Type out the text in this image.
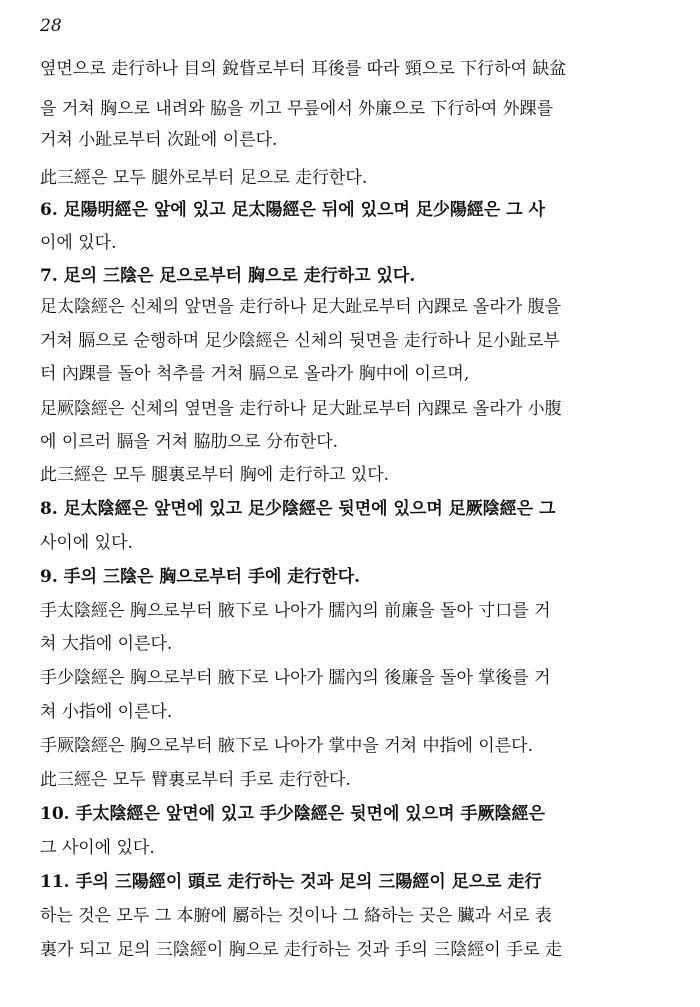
28
옆면으로 走行하나 目의 銳眥로부터 耳後를 따라 頸으로 下行하여 缺盆
을 거쳐 胸으로 내려와 脇을 끼고 무릎에서 外廉으로 下行하여 外踝를
거쳐 小趾로부터 次趾에 이른다.
此三經은 모두 腿外로부터 足으로 走行한다.
6. 足陽明經은 앞에 있고 足太陽經은 뒤에 있으며 足少陽經은 그 사
이에 있다.
7. 足의 三陰은 足으로부터 胸으로 走行하고 있다.
足太陰經은 신체의 앞면을 走行하나 足大趾로부터 內踝로 올라가 腹을
거쳐 膈으로 순행하며 足少陰經은 신체의 뒷면을 走行하나 足小趾로부
터 內踝를 돌아 척추를 거쳐 膈으로 올라가 胸中에 이르며,
足厥陰經은 신체의 옆면을 走行하나 足大趾로부터 內踝로 올라가 小腹
에 이르러 膈을 거쳐 脇肋으로 分布한다.
此三經은 모두 腿裏로부터 胸에 走行하고 있다.
8. 足太陰經은 앞면에 있고 足少陰經은 뒷면에 있으며 足厥陰經은 그
사이에 있다.
9. 手의 三陰은 胸으로부터 手에 走行한다.
手太陰經은 胸으로부터 腋下로 나아가 臑內의 前廉을 돌아 寸口를 거
쳐 大指에 이른다.
手少陰經은 胸으로부터 腋下로 나아가 臑內의 後廉을 돌아 掌後를 거
쳐 小指에 이른다.
手厥陰經은 胸으로부터 腋下로 나아가 掌中을 거쳐 中指에 이른다.
此三經은 모두 臂裏로부터 手로 走行한다.
10. 手太陰經은 앞면에 있고 手少陰經은 뒷면에 있으며 手厥陰經은
그 사이에 있다.
11. 手의 三陽經이 頭로 走行하는 것과 足의 三陽經이 足으로 走行
하는 것은 모두 그 本腑에 屬하는 것이나 그 絡하는 곳은 臟과 서로 表
裏가 되고 足의 三陰經이 胸으로 走行하는 것과 手의 三陰經이 手로 走
